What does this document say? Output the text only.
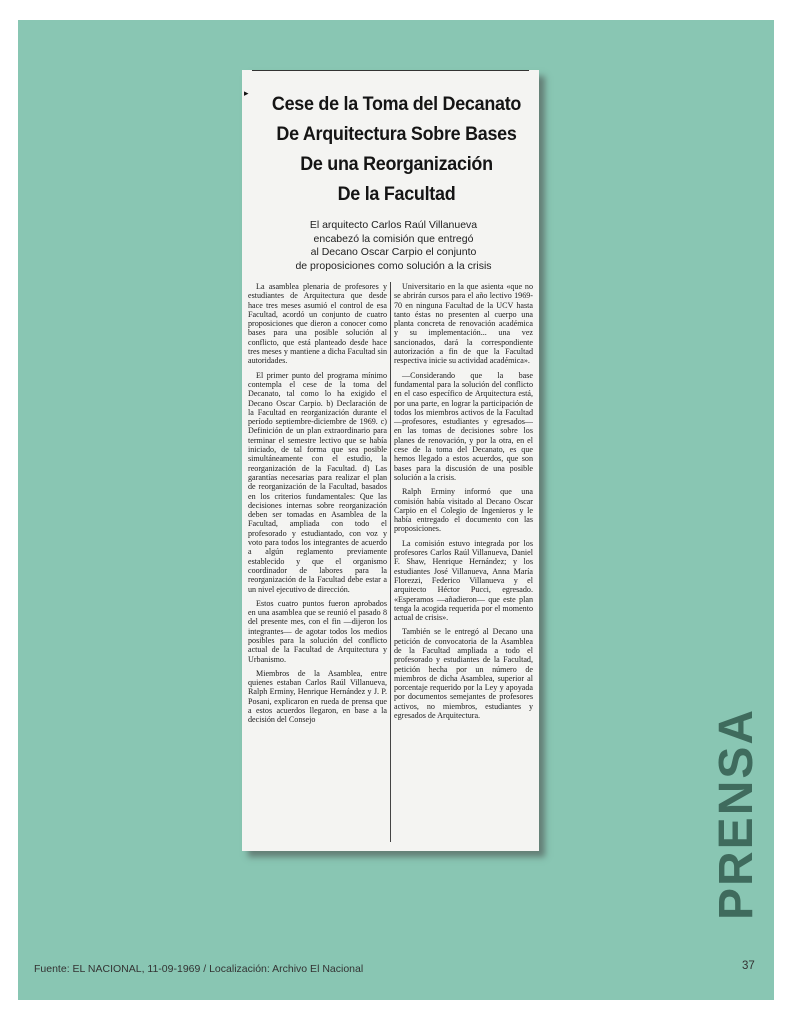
▸ Cese de la Toma del Decanato
De Arquitectura Sobre Bases
De una Reorganización
De la Facultad
El arquitecto Carlos Raúl Villanueva
encabezó la comisión que entregó
al Decano Oscar Carpio el conjunto
de proposiciones como solución a la crisis

La asamblea plenaria de profesores y estudiantes de Arquitectura que desde hace tres meses asumió el control de esa Facultad, acordó un conjunto de cuatro proposiciones que dieron a conocer como bases para una posible solución al conflicto, que está planteado desde hace tres meses y mantiene a dicha Facultad sin autoridades.

El primer punto del programa mínimo contempla el cese de la toma del Decanato, tal como lo ha exigido el Decano Oscar Carpio. b) Declaración de la Facultad en reorganización durante el período septiembre-diciembre de 1969. c) Definición de un plan extraordinario para terminar el semestre lectivo que se había iniciado, de tal forma que sea posible simultáneamente con el estudio, la reorganización de la Facultad. d) Las garantías necesarias para realizar el plan de reorganización de la Facultad, basados en los criterios fundamentales: Que las decisiones internas sobre reorganización deben ser tomadas en Asamblea de la Facultad, ampliada con todo el profesorado y estudiantado, con voz y voto para todos los integrantes de acuerdo a algún reglamento previamente establecido y que el organismo coordinador de labores para la reorganización de la Facultad debe estar a un nivel ejecutivo de dirección.

Estos cuatro puntos fueron aprobados en una asamblea que se reunió el pasado 8 del presente mes, con el fin —dijeron los integrantes— de agotar todos los medios posibles para la solución del conflicto actual de la Facultad de Arquitectura y Urbanismo.

Miembros de la Asamblea, entre quienes estaban Carlos Raúl Villanueva, Ralph Erminy, Henrique Hernández y J. P. Posani, explicaron en rueda de prensa que a estos acuerdos llegaron, en base a la decisión del Consejo

Universitario en la que asienta «que no se abrirán cursos para el año lectivo 1969-70 en ninguna Facultad de la UCV hasta tanto éstas no presenten al cuerpo una planta concreta de renovación académica y su implementación... una vez sancionados, dará la correspondiente autorización a fin de que la Facultad respectiva inicie su actividad académica».

—Considerando que la base fundamental para la solución del conflicto en el caso específico de Arquitectura está, por una parte, en lograr la participación de todos los miembros activos de la Facultad —profesores, estudiantes y egresados— en las tomas de decisiones sobre los planes de renovación, y por la otra, en el cese de la toma del Decanato, es que hemos llegado a estos acuerdos, que son bases para la discusión de una posible solución a la crisis.

Ralph Erminy informó que una comisión había visitado al Decano Oscar Carpio en el Colegio de Ingenieros y le había entregado el documento con las proposiciones.

La comisión estuvo integrada por los profesores Carlos Raúl Villanueva, Daniel F. Shaw, Henrique Hernández; y los estudiantes José Villanueva, Anna María Florezzi, Federico Villanueva y el arquitecto Héctor Pucci, egresado. «Esperamos —añadieron— que este plan tenga la acogida requerida por el momento actual de crisis».

También se le entregó al Decano una petición de convocatoria de la Asamblea de la Facultad ampliada a todo el profesorado y estudiantes de la Facultad, petición hecha por un número de miembros de dicha Asamblea, superior al porcentaje requerido por la Ley y apoyada por documentos semejantes de profesores activos, no miembros, estudiantes y egresados de Arquitectura.	PRENSA
Fuente: EL NACIONAL, 11-09-1969 / Localización: Archivo El Nacional	37
